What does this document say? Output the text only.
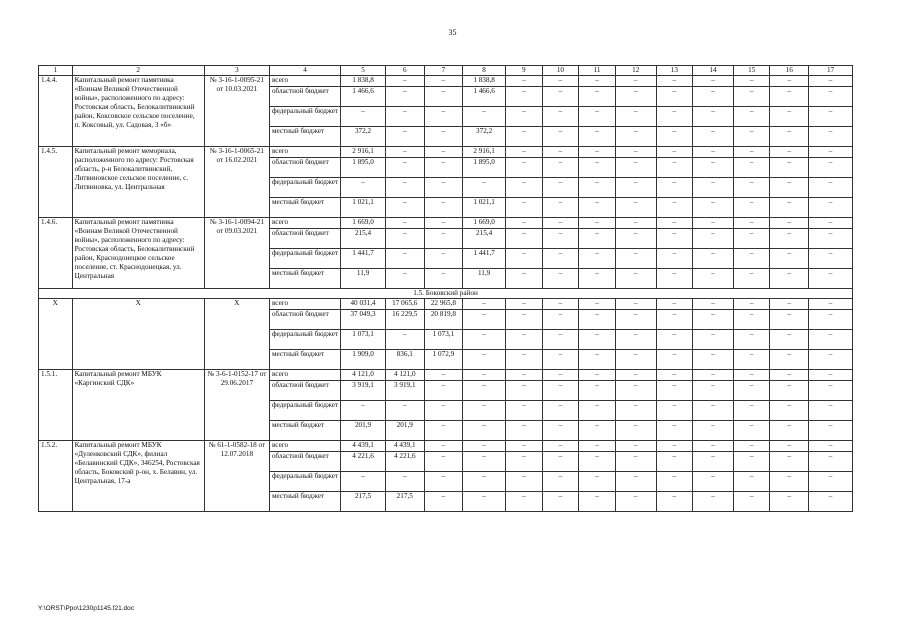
35
1	2	3	4	5	6	7	8	9	10	11	12	13	14	15	16	17
1.4.4.	Капитальный ремонт памятника «Воинам Великой Отечественной войны», расположенного по адресу: Ростовская область, Белокалитвинский район, Коксовское сельское поселение, п. Коксовый, ул. Садовая, 3 «б»	№ 3-16-1-0095-21 от 10.03.2021	всего	1 838,8	–	–	1 838,8	–	–	–	–	–	–	–	–	–
			областной бюджет	1 466,6	–	–	1 466,6	–	–	–	–	–	–	–	–	–
			федеральный бюджет	–	–	–	–	–	–	–	–	–	–	–	–	–
			местный бюджет	372,2	–	–	372,2	–	–	–	–	–	–	–	–	–
1.4.5.	Капитальный ремонт мемориала, расположенного по адресу: Ростовская область, р-н Белокалитвинский, Литвиновское сельское поселение, с. Литвиновка, ул. Центральная	№ 3-16-1-0065-21 от 16.02.2021	всего	2 916,1	–	–	2 916,1	–	–	–	–	–	–	–	–	–
			областной бюджет	1 895,0	–	–	1 895,0	–	–	–	–	–	–	–	–	–
			федеральный бюджет	–	–	–	–	–	–	–	–	–	–	–	–	–
			местный бюджет	1 021,1	–	–	1 021,1	–	–	–	–	–	–	–	–	–
1.4.6.	Капитальный ремонт памятника «Воинам Великой Отечественной войны», расположенного по адресу: Ростовская область, Белокалитвинский район, Краснодонецкое сельское поселение, ст. Краснодонецкая, ул. Центральная	№ 3-16-1-0094-21 от 09.03.2021	всего	1 669,0	–	–	1 669,0	–	–	–	–	–	–	–	–	–
			областной бюджет	215,4	–	–	215,4	–	–	–	–	–	–	–	–	–
			федеральный бюджет	1 441,7	–	–	1 441,7	–	–	–	–	–	–	–	–	–
			местный бюджет	11,9	–	–	11,9	–	–	–	–	–	–	–	–	–
1.5. Боковский район																
Х	Х	Х	всего	40 031,4	17 065,6	22 965,8	–	–	–	–	–	–	–	–	–	–
			областной бюджет	37 049,3	16 229,5	20 819,8	–	–	–	–	–	–	–	–	–	–
			федеральный бюджет	1 073,1	–	1 073,1	–	–	–	–	–	–	–	–	–	–
			местный бюджет	1 909,0	836,1	1 072,9	–	–	–	–	–	–	–	–	–	–
1.5.1.	Капитальный ремонт МБУК «Каргинский СДК»	№ 3-6-1-0152-17 от 29.06.2017	всего	4 121,0	4 121,0	–	–	–	–	–	–	–	–	–	–	–
			областной бюджет	3 919,1	3 919,1	–	–	–	–	–	–	–	–	–	–	–
			федеральный бюджет	–	–	–	–	–	–	–	–	–	–	–	–	–
			местный бюджет	201,9	201,9	–	–	–	–	–	–	–	–	–	–	–
1.5.2.	Капитальный ремонт МБУК «Дуленковский СДК», филиал «Белавинский СДК», 346254, Ростовская область, Боковский р-он, х. Белавин, ул. Центральная, 17-а	№ 61-1-0582-18 от 12.07.2018	всего	4 439,1	4 439,1	–	–	–	–	–	–	–	–	–	–	–
			областной бюджет	4 221,6	4 221,6	–	–	–	–	–	–	–	–	–	–	–
			федеральный бюджет	–	–	–	–	–	–	–	–	–	–	–	–	–
			местный бюджет	217,5	217,5	–	–	–	–	–	–	–	–	–	–	–
Y:\ORST\Ppo\1230p1145.f21.doc
